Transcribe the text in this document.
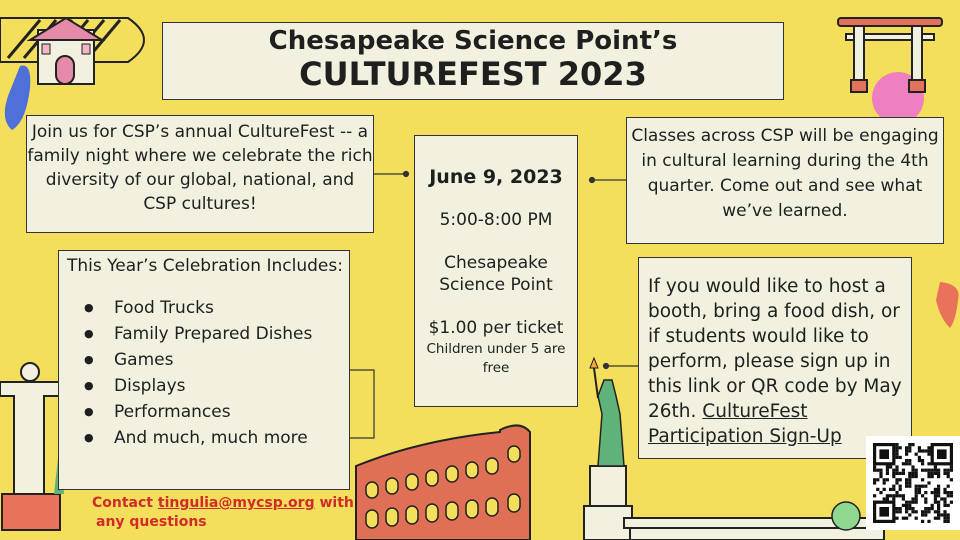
Chesapeake Science Point’s
CULTUREFEST 2023
Join us for CSP’s annual CultureFest -- a family night where we celebrate the rich diversity of our global, national, and CSP cultures!
Classes across CSP will be engaging in cultural learning during the 4th quarter. Come out and see what we’ve learned.
June 9, 2023
5:00-8:00 PM
Chesapeake Science Point
$1.00 per ticket
Children under 5 are free
This Year’s Celebration Includes:
● Food Trucks
● Family Prepared Dishes
● Games
● Displays
● Performances
● And much, much more
If you would like to host a booth, bring a food dish, or if students would like to perform, please sign up in this link or QR code by May 26th. CultureFest Participation Sign-Up
Contact tingulia@mycsp.org with
any questions
